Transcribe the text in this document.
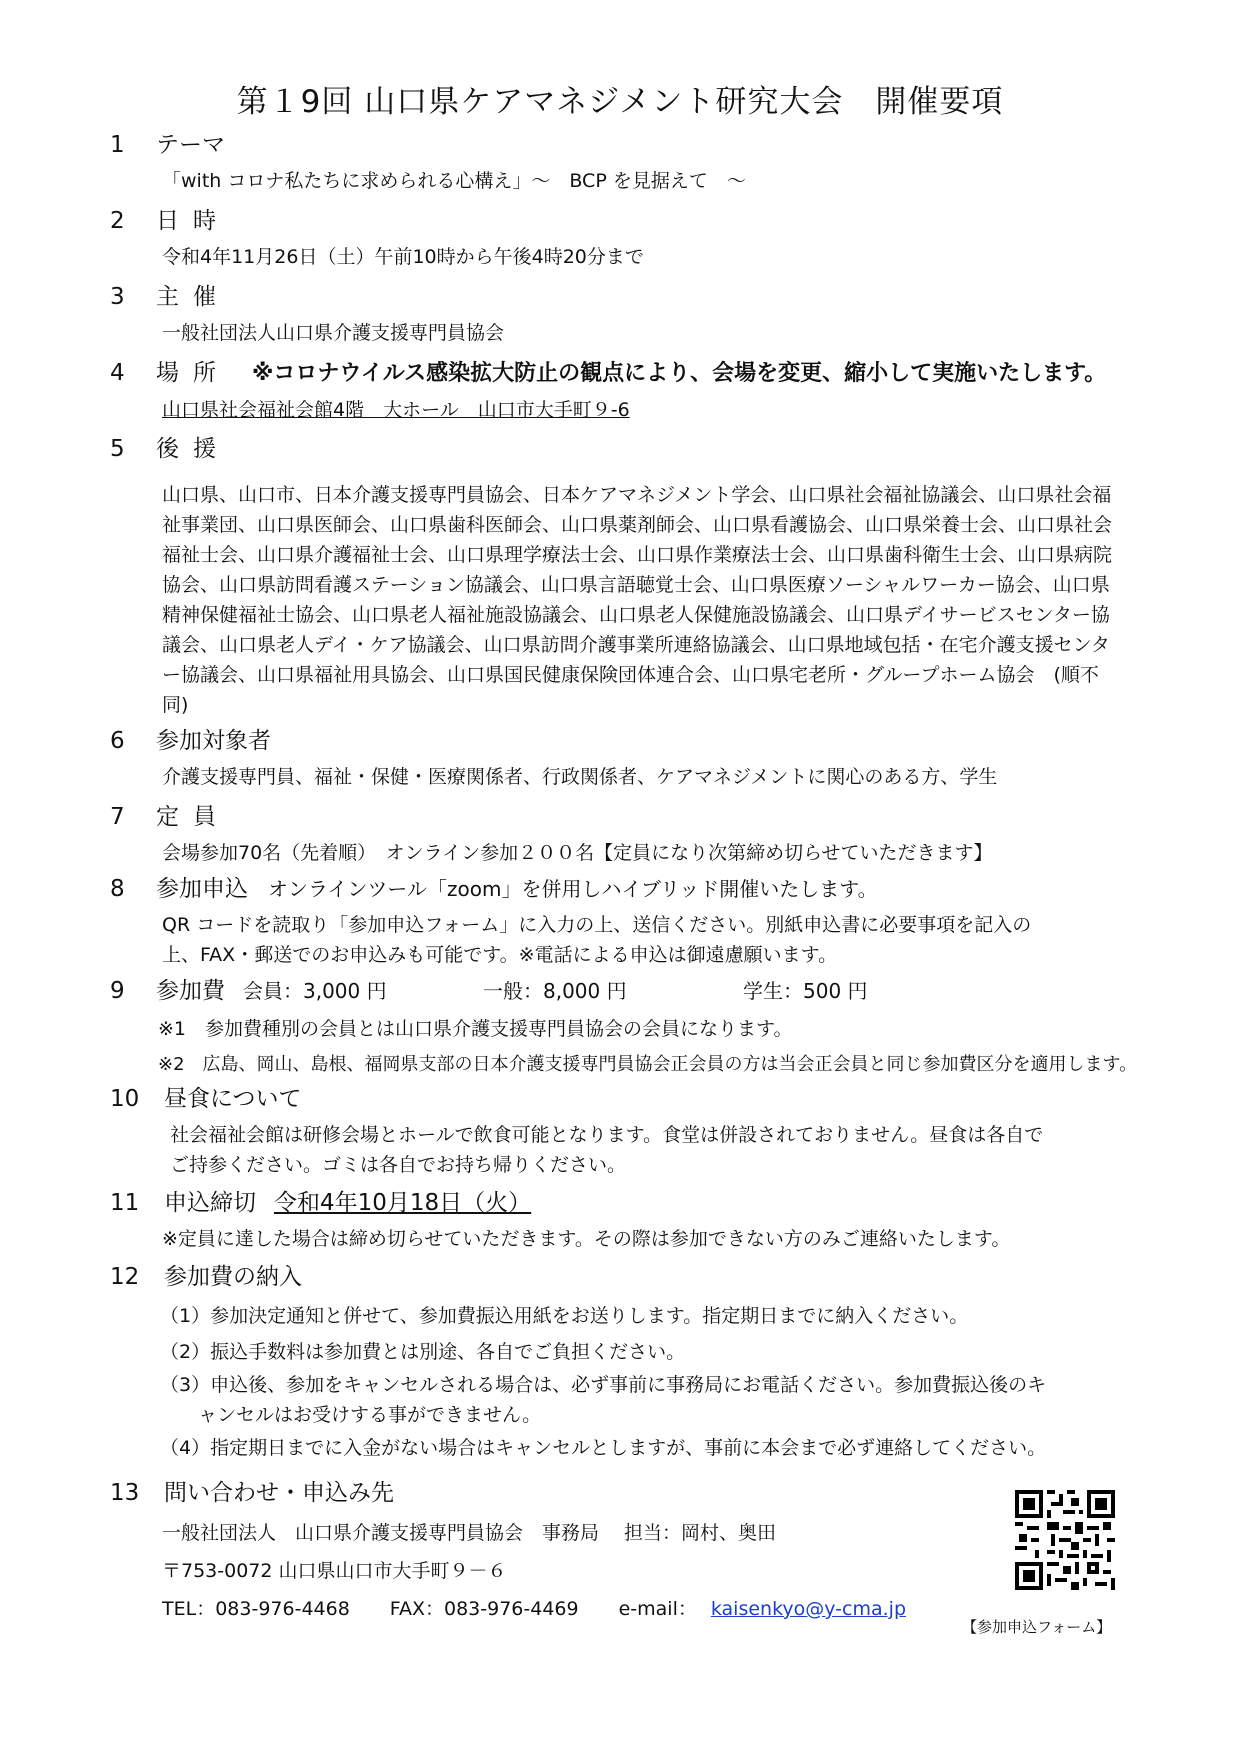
第１9回 山口県ケアマネジメント研究大会　開催要項
1	テーマ
「with コロナ私たちに求められる心構え」〜　BCP を見据えて　〜
2	日時
令和4年11月26日（土）午前10時から午後4時20分まで
3	主催
一般社団法人山口県介護支援専門員協会
4	場所 ※コロナウイルス感染拡大防止の観点により、会場を変更、縮小して実施いたします。
山口県社会福祉会館4階　大ホール　山口市大手町９-6
5	後援
山口県、山口市、日本介護支援専門員協会、日本ケアマネジメント学会、山口県社会福祉協議会、山口県社会福祉事業団、山口県医師会、山口県歯科医師会、山口県薬剤師会、山口県看護協会、山口県栄養士会、山口県社会福祉士会、山口県介護福祉士会、山口県理学療法士会、山口県作業療法士会、山口県歯科衛生士会、山口県病院協会、山口県訪問看護ステーション協議会、山口県言語聴覚士会、山口県医療ソーシャルワーカー協会、山口県精神保健福祉士協会、山口県老人福祉施設協議会、山口県老人保健施設協議会、山口県デイサービスセンター協議会、山口県老人デイ・ケア協議会、山口県訪問介護事業所連絡協議会、山口県地域包括・在宅介護支援センター協議会、山口県福祉用具協会、山口県国民健康保険団体連合会、山口県宅老所・グループホーム協会　(順不同)
6	参加対象者
介護支援専門員、福祉・保健・医療関係者、行政関係者、ケアマネジメントに関心のある方、学生
7	定員
会場参加70名（先着順）　オンライン参加２００名【定員になり次第締め切らせていただきます】
8	参加申込 オンラインツール「zoom」を併用しハイブリッド開催いたします。
QR コードを読取り「参加申込フォーム」に入力の上、送信ください。別紙申込書に必要事項を記入の
上、FAX・郵送でのお申込みも可能です。※電話による申込は御遠慮願います。
9	参加費 会員：3,000 円	一般：8,000 円	学生：500 円
※1　参加費種別の会員とは山口県介護支援専門員協会の会員になります。
※2　広島、岡山、島根、福岡県支部の日本介護支援専門員協会正会員の方は当会正会員と同じ参加費区分を適用します。
10	昼食について
社会福祉会館は研修会場とホールで飲食可能となります。食堂は併設されておりません。昼食は各自で
ご持参ください。ゴミは各自でお持ち帰りください。
11	申込締切 令和4年10月18日（火）
※定員に達した場合は締め切らせていただきます。その際は参加できない方のみご連絡いたします。
12	参加費の納入
（1）参加決定通知と併せて、参加費振込用紙をお送りします。指定期日までに納入ください。
（2）振込手数料は参加費とは別途、各自でご負担ください。
（3）申込後、参加をキャンセルされる場合は、必ず事前に事務局にお電話ください。参加費振込後のキ
ャンセルはお受けする事ができません。
（4）指定期日までに入金がない場合はキャンセルとしますが、事前に本会まで必ず連絡してください。
13	問い合わせ・申込み先
一般社団法人　山口県介護支援専門員協会　事務局　 担当：岡村、奥田
〒753-0072 山口県山口市大手町９－６
TEL：083-976-4468 FAX：083-976-4469 e-mail： kaisenkyo@y-cma.jp
【参加申込フォーム】
